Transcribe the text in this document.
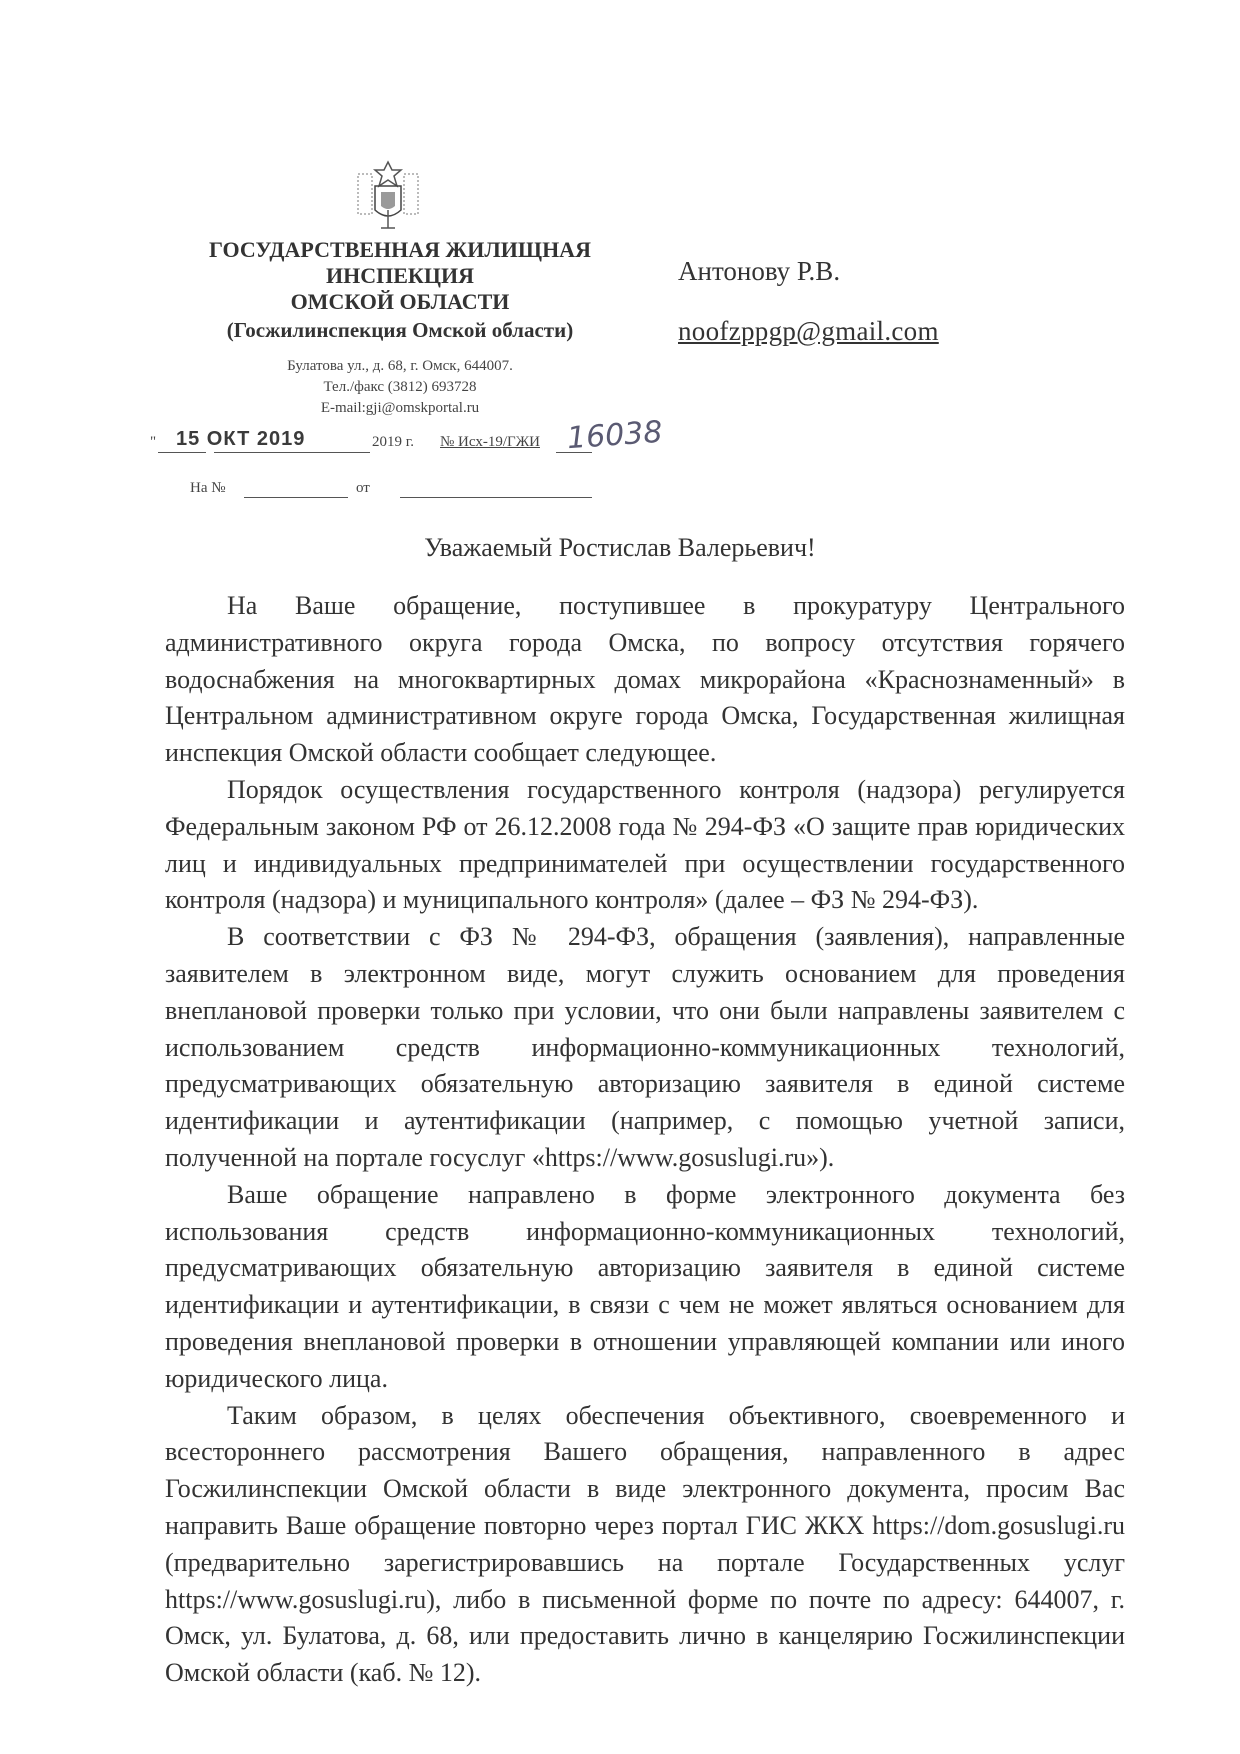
ГОСУДАРСТВЕННАЯ ЖИЛИЩНАЯ
ИНСПЕКЦИЯ
ОМСКОЙ ОБЛАСТИ
(Госжилинспекция Омской области)
Булатова ул., д. 68, г. Омск, 644007.
Тел./факс (3812) 693728
E-mail:gji@omskportal.ru
Антонову Р.В.
noofzppgp@gmail.com
" 15 ОКТ 2019	2019 г. № Исх-19/ГЖИ 16038
На №	от
Уважаемый Ростислав Валерьевич!

На Ваше обращение, поступившее в прокуратуру Центрального административного округа города Омска, по вопросу отсутствия горячего водоснабжения на многоквартирных домах микрорайона «Краснознаменный» в Центральном административном округе города Омска, Государственная жилищная инспекция Омской области сообщает следующее.

Порядок осуществления государственного контроля (надзора) регулируется Федеральным законом РФ от 26.12.2008 года № 294-ФЗ «О защите прав юридических лиц и индивидуальных предпринимателей при осуществлении государственного контроля (надзора) и муниципального контроля» (далее – ФЗ № 294-ФЗ).

В соответствии с ФЗ № 294-ФЗ, обращения (заявления), направленные заявителем в электронном виде, могут служить основанием для проведения внеплановой проверки только при условии, что они были направлены заявителем с использованием средств информационно-коммуникационных технологий, предусматривающих обязательную авторизацию заявителя в единой системе идентификации и аутентификации (например, с помощью учетной записи, полученной на портале госуслуг «https://www.gosuslugi.ru»).

Ваше обращение направлено в форме электронного документа без использования средств информационно-коммуникационных технологий, предусматривающих обязательную авторизацию заявителя в единой системе идентификации и аутентификации, в связи с чем не может являться основанием для проведения внеплановой проверки в отношении управляющей компании или иного юридического лица.

Таким образом, в целях обеспечения объективного, своевременного и всестороннего рассмотрения Вашего обращения, направленного в адрес Госжилинспекции Омской области в виде электронного документа, просим Вас направить Ваше обращение повторно через портал ГИС ЖКХ https://dom.gosuslugi.ru (предварительно зарегистрировавшись на портале Государственных услуг https://www.gosuslugi.ru), либо в письменной форме по почте по адресу: 644007, г. Омск, ул. Булатова, д. 68, или предоставить лично в канцелярию Госжилинспекции Омской области (каб. № 12).
